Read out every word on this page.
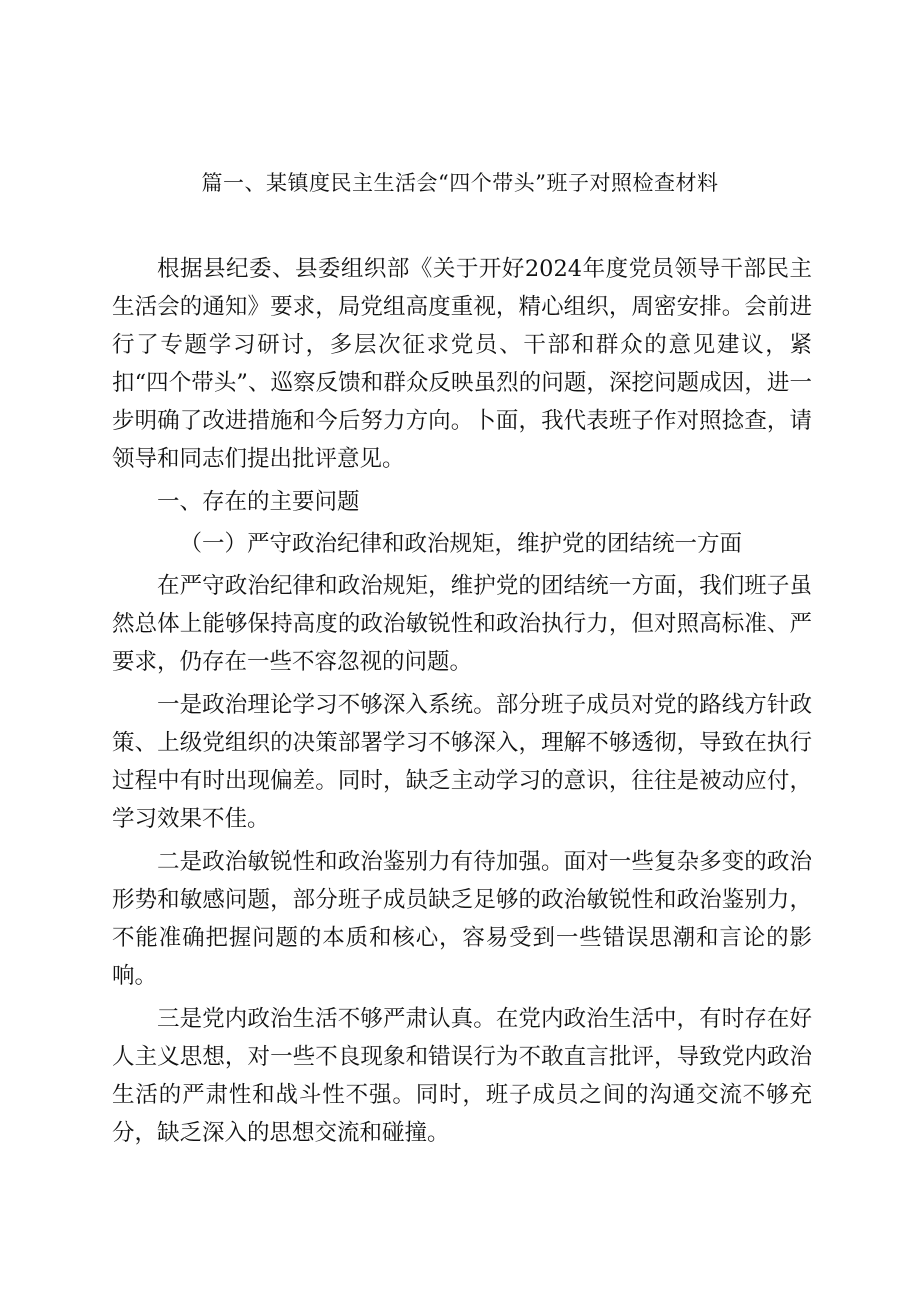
篇一、某镇度民主生活会“四个带头”班子对照检查材料

根据县纪委、县委组织部《关于开好2024年度党员领导干部民主生活会的通知》要求，局党组高度重视，精心组织，周密安排。会前进行了专题学习研讨，多层次征求党员、干部和群众的意见建议，紧扣“四个带头”、巡察反馈和群众反映虽烈的问题，深挖问题成因，进一步明确了改进措施和今后努力方向。卜面，我代表班子作对照捻查，请领导和同志们提出批评意见。

一、存在的主要问题

（一）严守政治纪律和政治规矩，维护党的团结统一方面

在严守政治纪律和政治规矩，维护党的团结统一方面，我们班子虽然总体上能够保持高度的政治敏锐性和政治执行力，但对照高标准、严要求，仍存在一些不容忽视的问题。

一是政治理论学习不够深入系统。部分班子成员对党的路线方针政策、上级党组织的决策部署学习不够深入，理解不够透彻，导致在执行过程中有时出现偏差。同时，缺乏主动学习的意识，往往是被动应付，学习效果不佳。

二是政治敏锐性和政治鉴别力有待加强。面对一些复杂多变的政治形势和敏感问题，部分班子成员缺乏足够的政治敏锐性和政治鉴别力，不能准确把握问题的本质和核心，容易受到一些错误思潮和言论的影响。

三是党内政治生活不够严肃认真。在党内政治生活中，有时存在好人主义思想，对一些不良现象和错误行为不敢直言批评，导致党内政治生活的严肃性和战斗性不强。同时，班子成员之间的沟通交流不够充分，缺乏深入的思想交流和碰撞。
